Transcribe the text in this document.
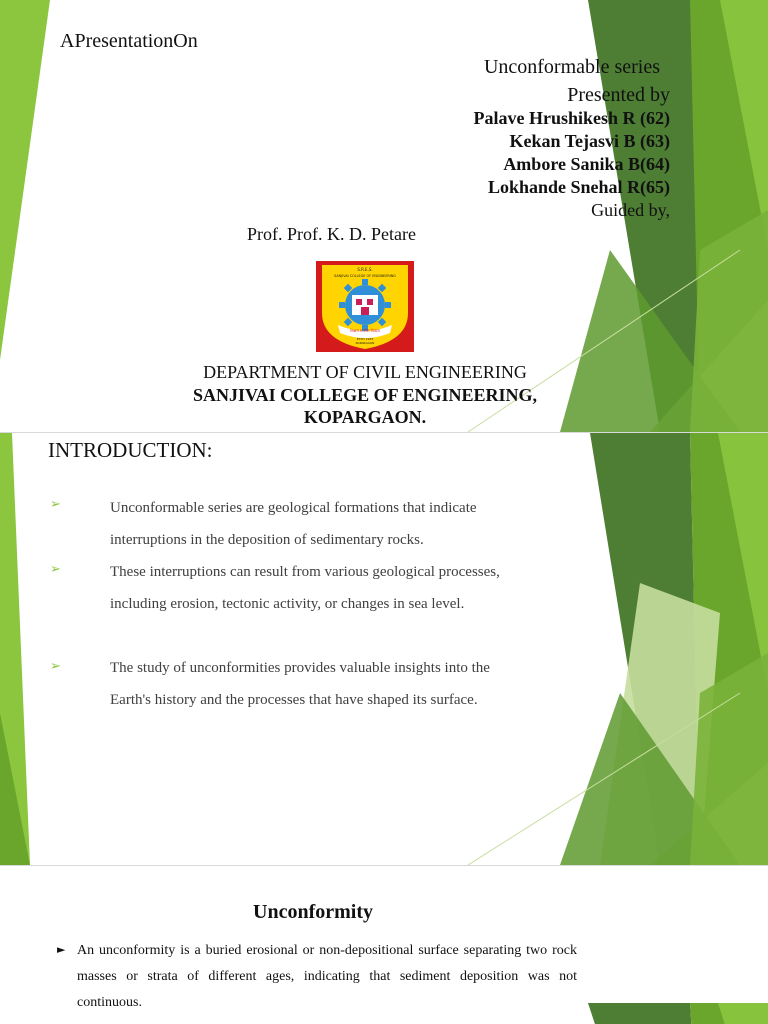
APresentationOn
Unconformable series
Presented by
Palave Hrushikesh R (62)
Kekan Tejasvi B (63)
Ambore Sanika B(64)
Lokhande Snehal R(65)
Guided by,
Prof. Prof. K. D. Petare
S.R.E.S.
SANJIVAI COLLEGE OF ENGINEERING
शिक्षण समर्पित विकास
ESTD 1983
KOPARGAON
DEPARTMENT OF CIVIL ENGINEERING
SANJIVAI COLLEGE OF ENGINEERING,
KOPARGAON.
INTRODUCTION:
➢	Unconformable series are geological formations that indicate interruptions in the deposition of sedimentary rocks.
➢	These interruptions can result from various geological processes, including erosion, tectonic activity, or changes in sea level.
➢	The study of unconformities provides valuable insights into the Earth's history and the processes that have shaped its surface.
Unconformity
► An unconformity is a buried erosional or non-depositional surface separating two rock masses or strata of different ages, indicating that sediment deposition was not continuous.
